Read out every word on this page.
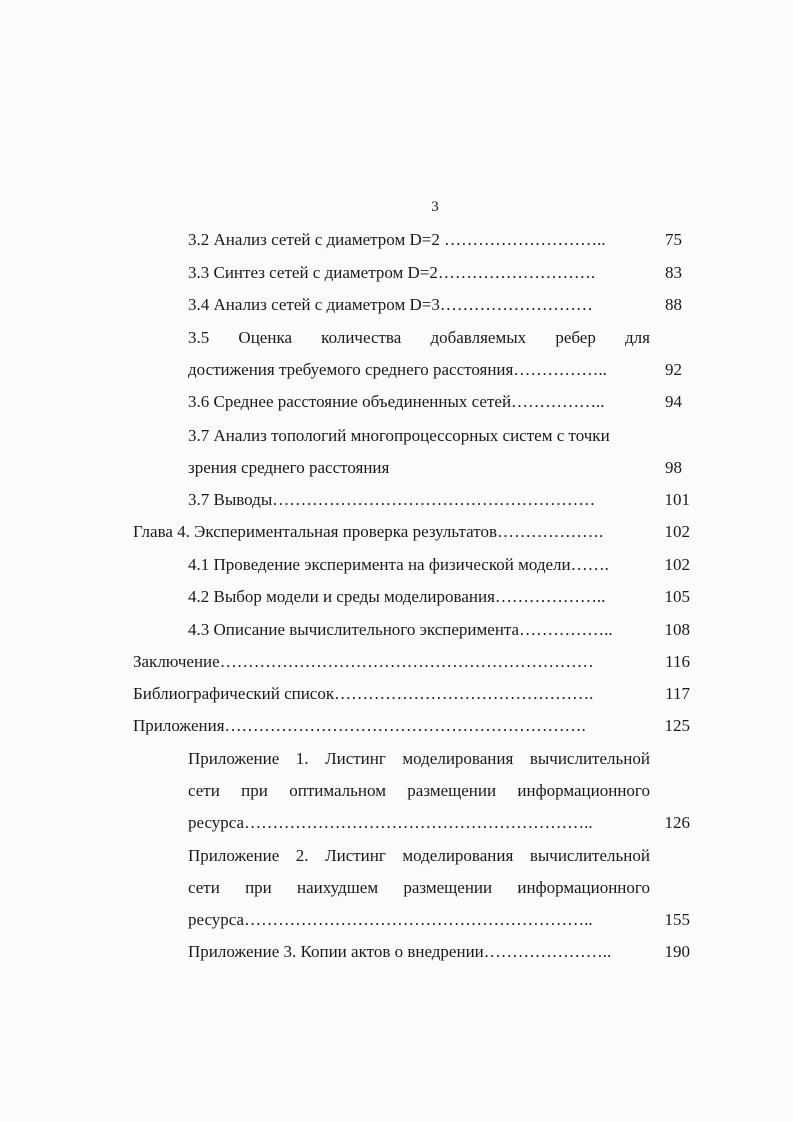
3
3.2 Анализ сетей с диаметром D=2 ………………………..	75
3.3 Синтез сетей с диаметром D=2……………………….	83
3.4 Анализ сетей с диаметром D=3………………………	88
3.5 Оценка количества добавляемых ребер для
достижения требуемого среднего расстояния……………..	92
3.6 Среднее расстояние объединенных сетей……………..	94
3.7 Анализ топологий многопроцессорных систем с точки
зрения среднего расстояния	98
3.7 Выводы…………………………………………………	101
Глава 4. Экспериментальная проверка результатов……………….	102
4.1 Проведение эксперимента на физической модели…….	102
4.2 Выбор модели и среды моделирования………………..	105
4.3 Описание вычислительного эксперимента……………..	108
Заключение…………………………………………………………	116
Библиографический список……………………………………….	117
Приложения……………………………………………………….	125
Приложение 1. Листинг моделирования вычислительной
сети при оптимальном размещении информационного
ресурса……………………………………………………..	126
Приложение 2. Листинг моделирования вычислительной
сети при наихудшем размещении информационного
ресурса……………………………………………………..	155
Приложение 3. Копии актов о внедрении…………………..	190
